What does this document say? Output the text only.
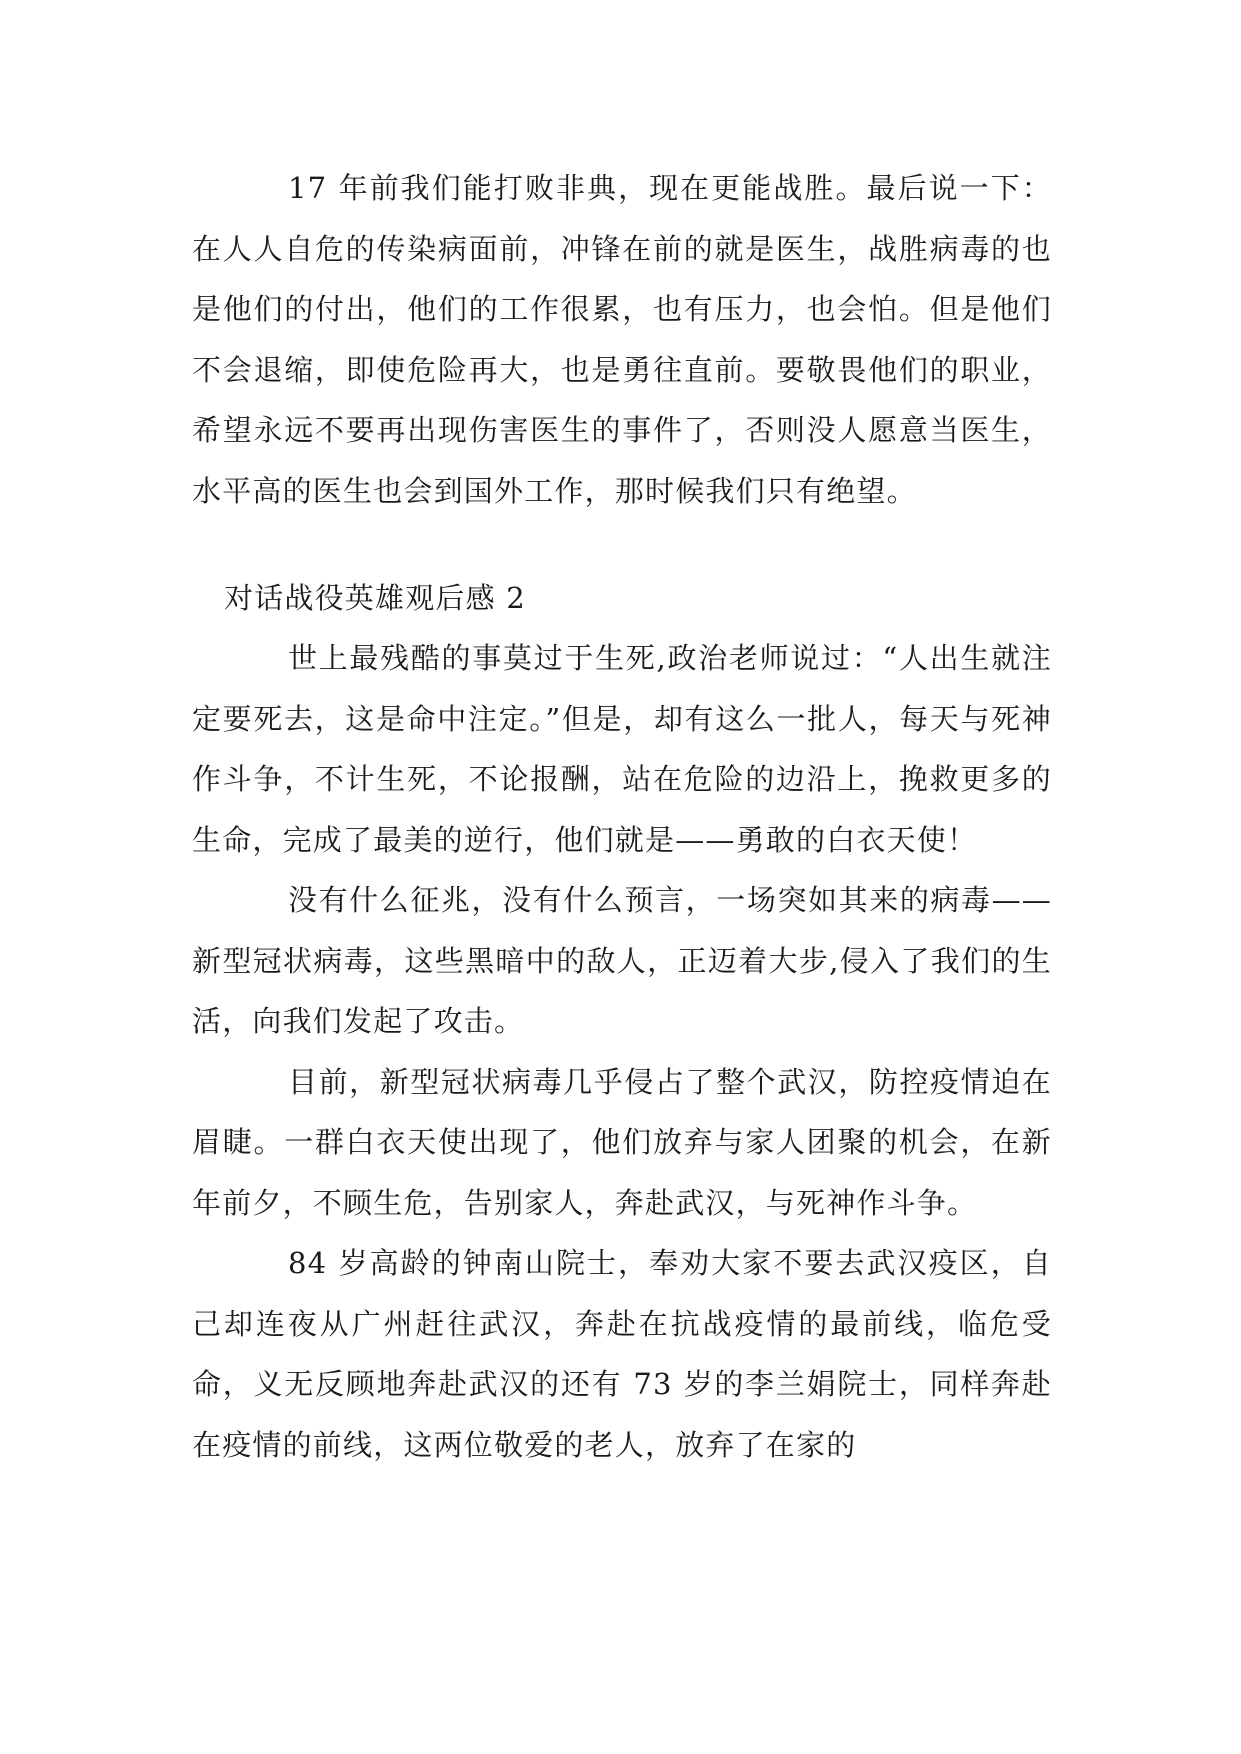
17 年前我们能打败非典，现在更能战胜。最后说一下：在人人自危的传染病面前，冲锋在前的就是医生，战胜病毒的也是他们的付出，他们的工作很累，也有压力，也会怕。但是他们不会退缩，即使危险再大，也是勇往直前。要敬畏他们的职业，希望永远不要再出现伤害医生的事件了，否则没人愿意当医生，水平高的医生也会到国外工作，那时候我们只有绝望。

对话战役英雄观后感 2

世上最残酷的事莫过于生死,政治老师说过：“人出生就注定要死去，这是命中注定。”但是，却有这么一批人，每天与死神作斗争，不计生死，不论报酬，站在危险的边沿上，挽救更多的生命，完成了最美的逆行，他们就是——勇敢的白衣天使！

没有什么征兆，没有什么预言，一场突如其来的病毒——新型冠状病毒，这些黑暗中的敌人，正迈着大步,侵入了我们的生活，向我们发起了攻击。

目前，新型冠状病毒几乎侵占了整个武汉，防控疫情迫在眉睫。一群白衣天使出现了，他们放弃与家人团聚的机会，在新年前夕，不顾生危，告别家人，奔赴武汉，与死神作斗争。

84 岁高龄的钟南山院士，奉劝大家不要去武汉疫区，自己却连夜从广州赶往武汉，奔赴在抗战疫情的最前线，临危受命，义无反顾地奔赴武汉的还有 73 岁的李兰娟院士，同样奔赴在疫情的前线，这两位敬爱的老人，放弃了在家的
